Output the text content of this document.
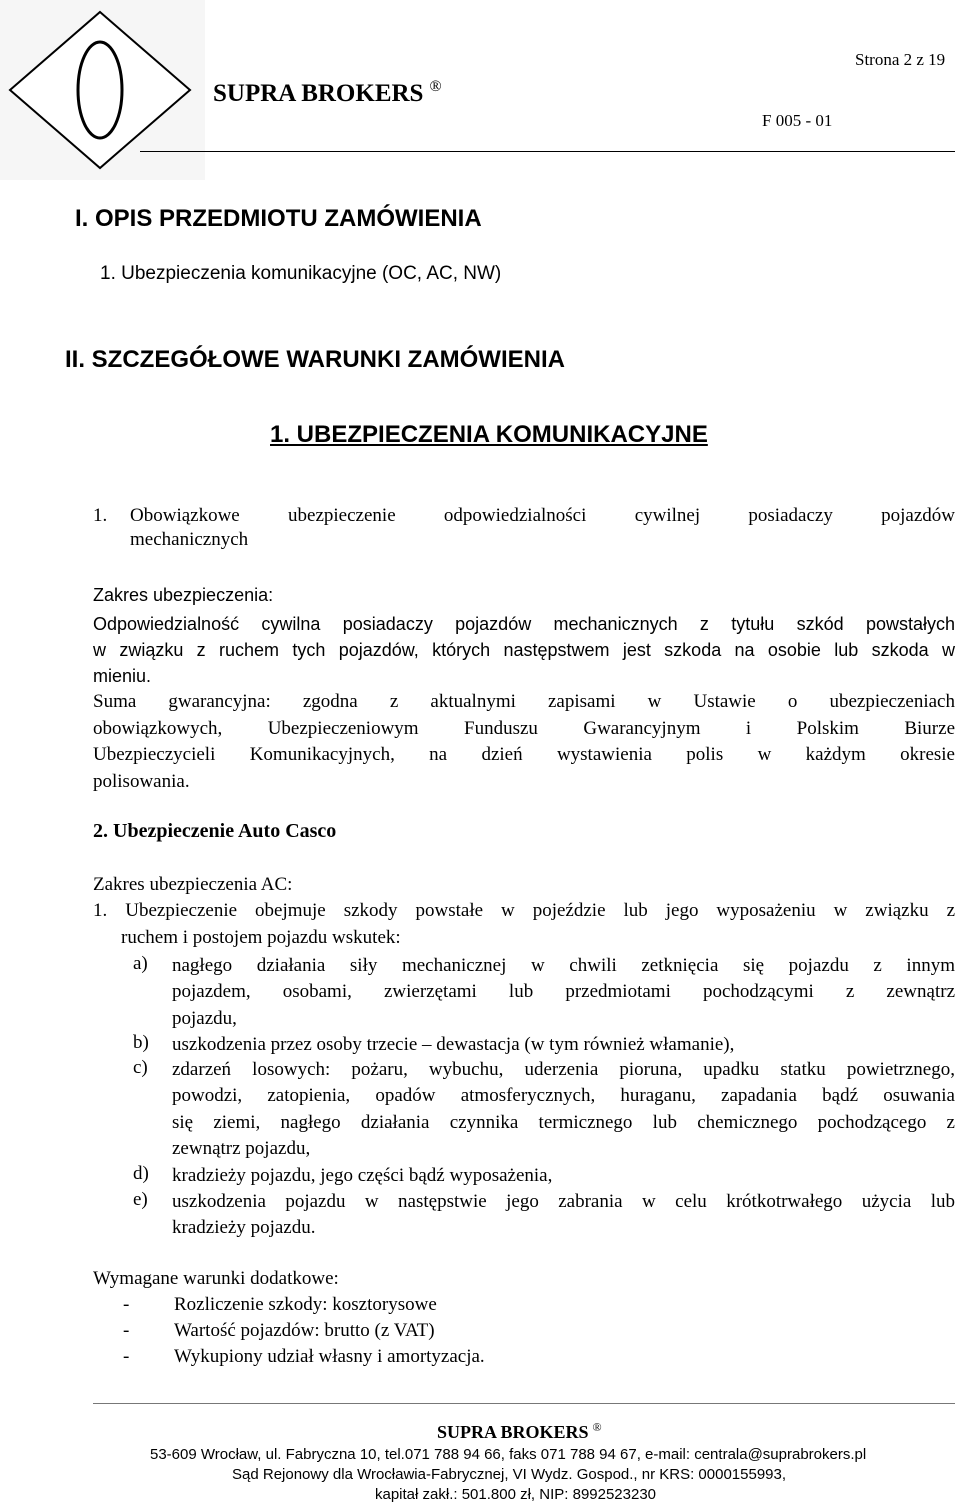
Strona 2 z 19
SUPRA BROKERS ®
F 005 - 01
I. OPIS PRZEDMIOTU ZAMÓWIENIA
1. Ubezpieczenia komunikacyjne (OC, AC, NW)
II. SZCZEGÓŁOWE WARUNKI ZAMÓWIENIA
1. UBEZPIECZENIA KOMUNIKACYJNE
1. Obowiązkowe ubezpieczenie odpowiedzialności cywilnej posiadaczy pojazdów
mechanicznych
Zakres ubezpieczenia:
Odpowiedzialność cywilna posiadaczy pojazdów mechanicznych z tytułu szkód powstałych
w związku z ruchem tych pojazdów, których następstwem jest szkoda na osobie lub szkoda w
mieniu.
Suma gwarancyjna: zgodna z aktualnymi zapisami w Ustawie o ubezpieczeniach
obowiązkowych, Ubezpieczeniowym Funduszu Gwarancyjnym i Polskim Biurze
Ubezpieczycieli Komunikacyjnych, na dzień wystawienia polis w każdym okresie
polisowania.
2. Ubezpieczenie Auto Casco
Zakres ubezpieczenia AC:
1. Ubezpieczenie obejmuje szkody powstałe w pojeździe lub jego wyposażeniu w związku z
ruchem i postojem pojazdu wskutek:
a) nagłego działania siły mechanicznej w chwili zetknięcia się pojazdu z innym
pojazdem, osobami, zwierzętami lub przedmiotami pochodzącymi z zewnątrz
pojazdu,
b) uszkodzenia przez osoby trzecie – dewastacja (w tym również włamanie),
c) zdarzeń losowych: pożaru, wybuchu, uderzenia pioruna, upadku statku powietrznego,
powodzi, zatopienia, opadów atmosferycznych, huraganu, zapadania bądź osuwania
się ziemi, nagłego działania czynnika termicznego lub chemicznego pochodzącego z
zewnątrz pojazdu,
d) kradzieży pojazdu, jego części bądź wyposażenia,
e) uszkodzenia pojazdu w następstwie jego zabrania w celu krótkotrwałego użycia lub
kradzieży pojazdu.
Wymagane warunki dodatkowe:
- Rozliczenie szkody: kosztorysowe
- Wartość pojazdów: brutto (z VAT)
- Wykupiony udział własny i amortyzacja.
SUPRA BROKERS ®
53-609 Wrocław, ul. Fabryczna 10, tel.071 788 94 66, faks 071 788 94 67, e-mail: centrala@suprabrokers.pl
Sąd Rejonowy dla Wrocławia-Fabrycznej, VI Wydz. Gospod., nr KRS: 0000155993,
kapitał zakł.: 501.800 zł, NIP: 8992523230
